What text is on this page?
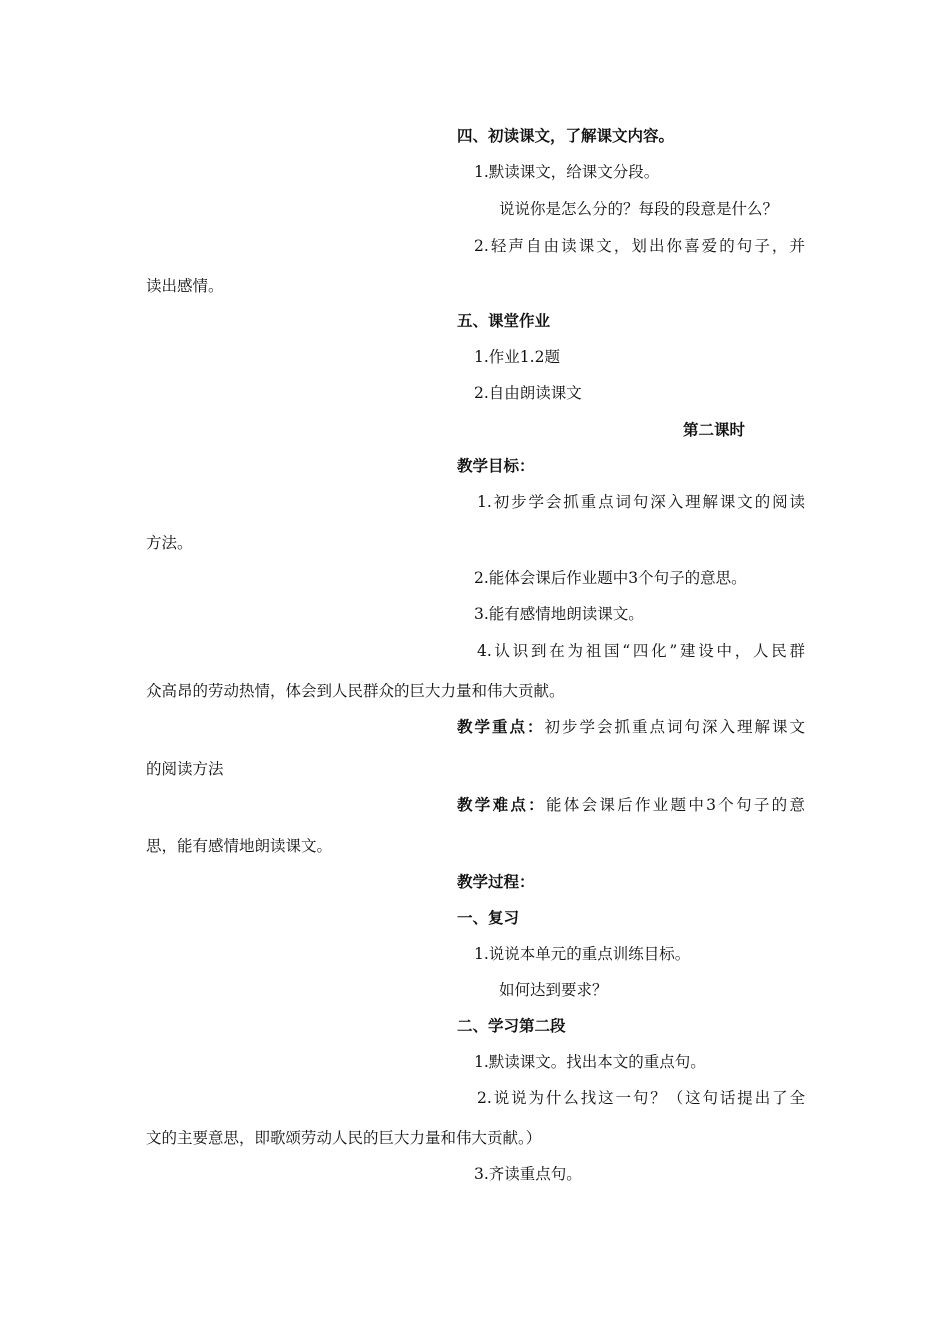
四、初读课文，了解课文内容。
1.默读课文，给课文分段。
说说你是怎么分的？每段的段意是什么？
2.轻声自由读课文，划出你喜爱的句子，并
读出感情。
五、课堂作业
1.作业1.2题
2.自由朗读课文
第二课时
教学目标：
1.初步学会抓重点词句深入理解课文的阅读
方法。
2.能体会课后作业题中3个句子的意思。
3.能有感情地朗读课文。
4.认识到在为祖国“四化”建设中，人民群
众高昂的劳动热情，体会到人民群众的巨大力量和伟大贡献。
教学重点：初步学会抓重点词句深入理解课文
的阅读方法
教学难点：能体会课后作业题中3个句子的意
思，能有感情地朗读课文。
教学过程：
一、复习
1.说说本单元的重点训练目标。
如何达到要求？
二、学习第二段
1.默读课文。找出本文的重点句。
2.说说为什么找这一句？（这句话提出了全
文的主要意思，即歌颂劳动人民的巨大力量和伟大贡献。）
3.齐读重点句。
